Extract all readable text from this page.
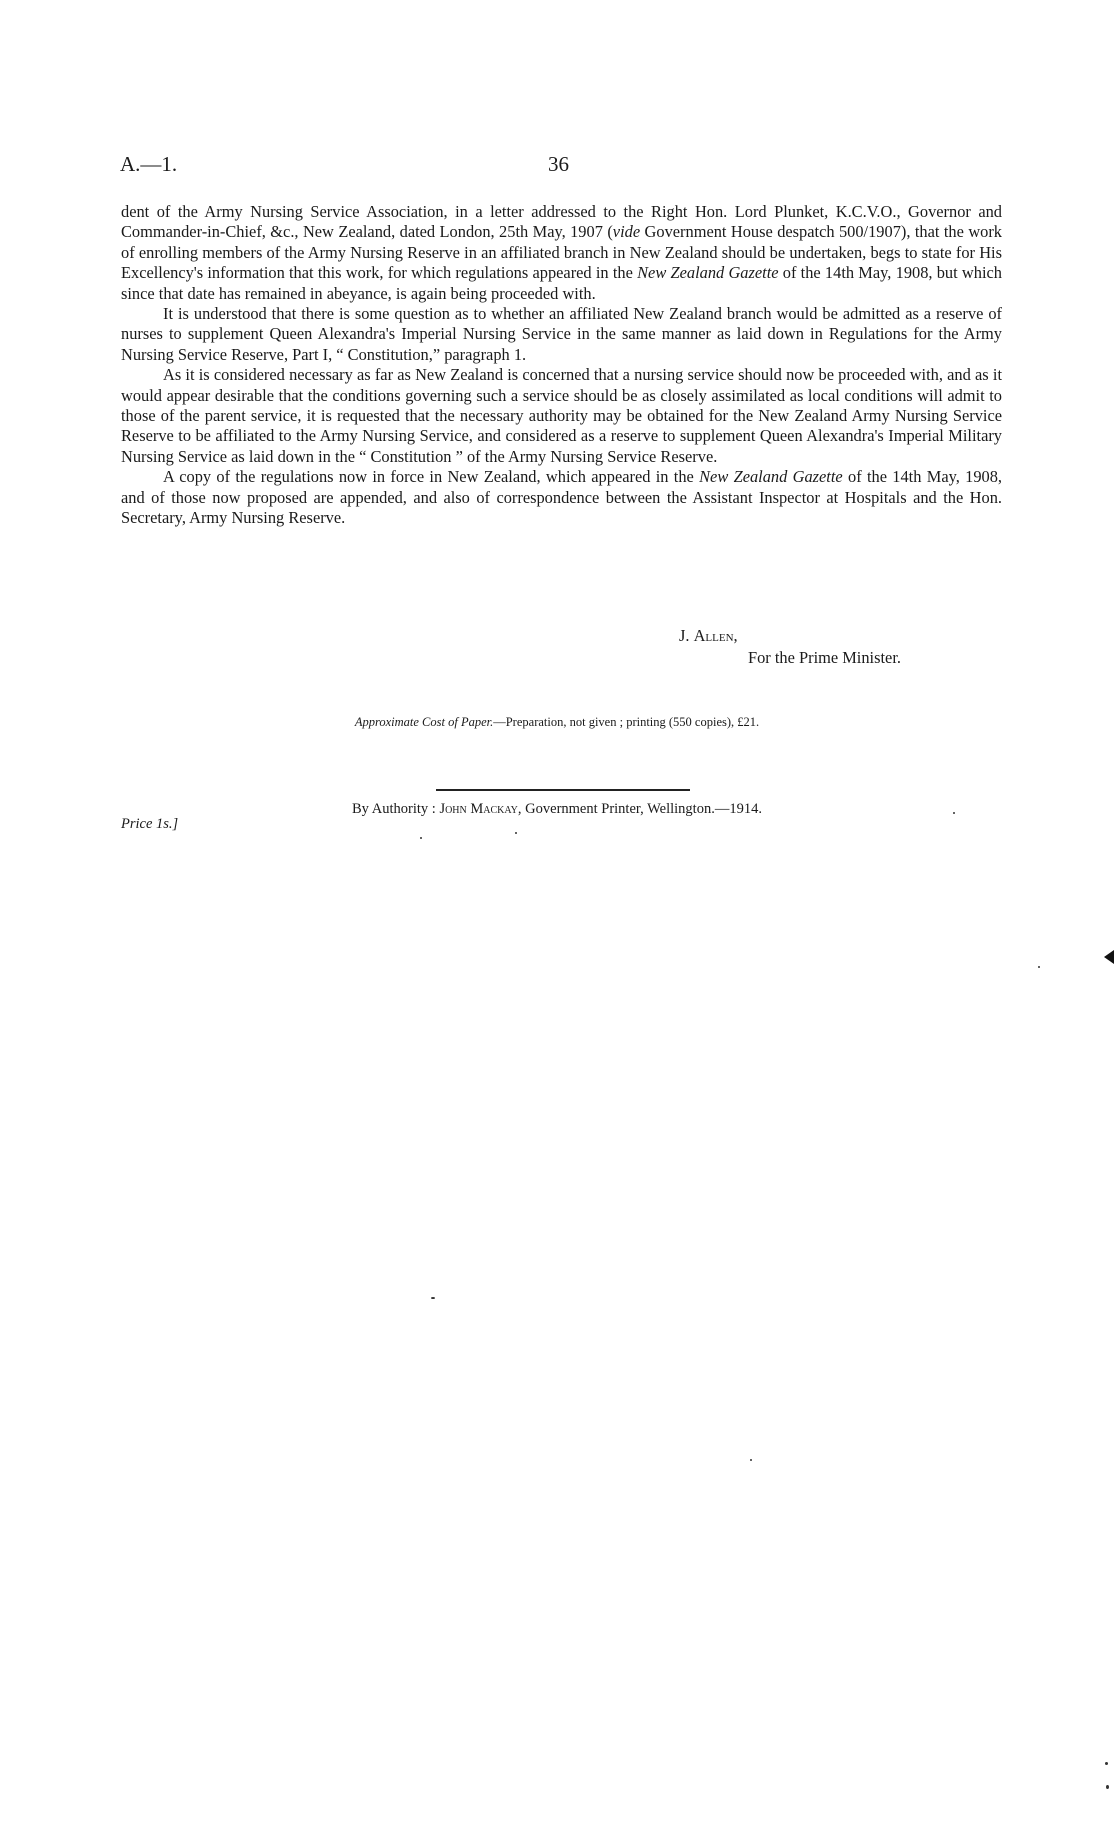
A.—1.	36

dent of the Army Nursing Service Association, in a letter addressed to the Right Hon. Lord Plunket, K.C.V.O., Governor and Commander-in-Chief, &c., New Zealand, dated London, 25th May, 1907 (vide Government House despatch 500/1907), that the work of enrolling members of the Army Nursing Reserve in an affiliated branch in New Zealand should be undertaken, begs to state for His Excellency's information that this work, for which regulations appeared in the New Zealand Gazette of the 14th May, 1908, but which since that date has remained in abeyance, is again being proceeded with.

It is understood that there is some question as to whether an affiliated New Zealand branch would be admitted as a reserve of nurses to supplement Queen Alexandra's Imperial Nursing Service in the same manner as laid down in Regulations for the Army Nursing Service Reserve, Part I, “ Constitution,” paragraph 1.

As it is considered necessary as far as New Zealand is concerned that a nursing service should now be proceeded with, and as it would appear desirable that the conditions governing such a service should be as closely assimilated as local conditions will admit to those of the parent service, it is requested that the necessary authority may be obtained for the New Zealand Army Nursing Service Reserve to be affiliated to the Army Nursing Service, and considered as a reserve to supplement Queen Alexandra's Imperial Military Nursing Service as laid down in the “ Constitution ” of the Army Nursing Service Reserve.

A copy of the regulations now in force in New Zealand, which appeared in the New Zealand Gazette of the 14th May, 1908, and of those now proposed are appended, and also of correspondence between the Assistant Inspector at Hospitals and the Hon. Secretary, Army Nursing Reserve.

J. Allen,
For the Prime Minister.
Approximate Cost of Paper.—Preparation, not given ; printing (550 copies), £21.
By Authority : John Mackay, Government Printer, Wellington.—1914.
Price 1s.]
